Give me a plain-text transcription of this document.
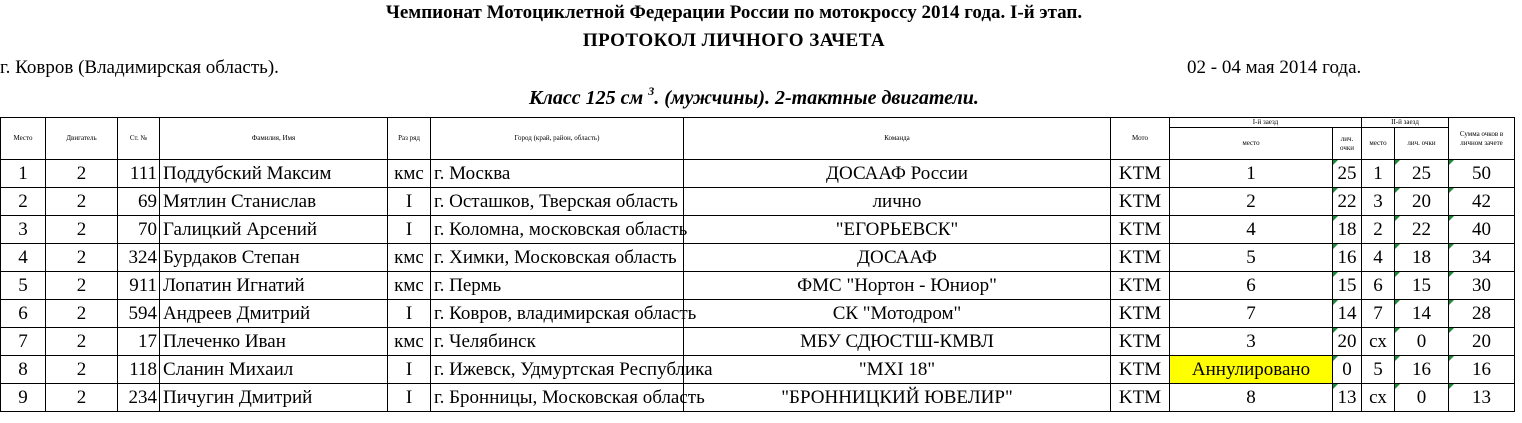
Чемпионат Мотоциклетной Федерации России по мотокроссу 2014 года. I-й этап.
ПРОТОКОЛ ЛИЧНОГО ЗАЧЕТА
г. Ковров (Владимирская область).	02 - 04 мая 2014 года.
Класс 125 см $^3$. (мужчины). 2-тактные двигатели.
Место	Двигатель	Ст. №	Фамилия, Имя	Раз ряд	Город (край, район, область)	Команда	Мото	I-й заезд		II-й заезд		Сумма очков в личном зачете
								место	лич. очки	место	лич. очки	
1	2	111	Поддубский Максим	кмс	г. Москва	ДОСААФ России	KTM	1	25	1	25	50
2	2	69	Мятлин Станислав	I	г. Осташков, Тверская область	лично	KTM	2	22	3	20	42
3	2	70	Галицкий Арсений	I	г. Коломна, московская область	"ЕГОРЬЕВСК"	KTM	4	18	2	22	40
4	2	324	Бурдаков Степан	кмс	г. Химки, Московская область	ДОСААФ	KTM	5	16	4	18	34
5	2	911	Лопатин Игнатий	кмс	г. Пермь	ФМС "Нортон - Юниор"	KTM	6	15	6	15	30
6	2	594	Андреев Дмитрий	I	г. Ковров, владимирская область	СК "Мотодром"	KTM	7	14	7	14	28
7	2	17	Плеченко Иван	кмс	г. Челябинск	МБУ СДЮСТШ-КМВЛ	KTM	3	20	сх	0	20
8	2	118	Сланин Михаил	I	г. Ижевск, Удмуртская Республика	"MXI 18"	KTM	Аннулировано	0	5	16	16
9	2	234	Пичугин Дмитрий	I	г. Бронницы, Московская область	"БРОННИЦКИЙ ЮВЕЛИР"	KTM	8	13	сх	0	13
